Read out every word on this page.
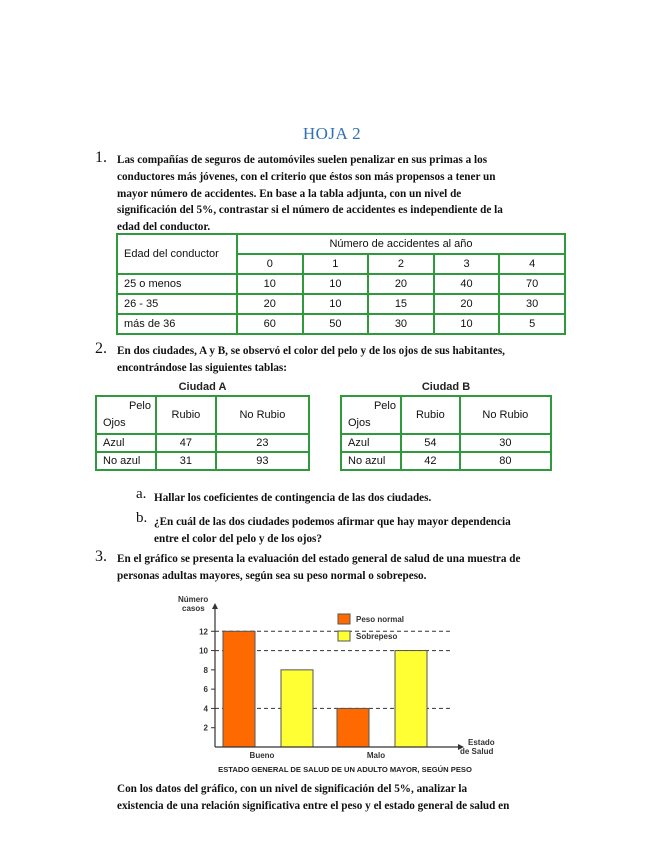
HOJA 2
1. Las compañías de seguros de automóviles suelen penalizar en sus primas a los
conductores más jóvenes, con el criterio que éstos son más propensos a tener un
mayor número de accidentes. En base a la tabla adjunta, con un nivel de
significación del 5%, contrastar si el número de accidentes es independiente de la
edad del conductor.
Edad del conductor	Número de accidentes al año				
	0	1	2	3	4
25 o menos	10	10	20	40	70
26 - 35	20	10	15	20	30
más de 36	60	50	30	10	5
2. En dos ciudades, A y B, se observó el color del pelo y de los ojos de sus habitantes,
encontrándose las siguientes tablas:
Ciudad A
Pelo
Ojos	Rubio	No Rubio
Azul	47	23
No azul	31	93
Ciudad B
Pelo
Ojos	Rubio	No Rubio
Azul	54	30
No azul	42	80
a. Hallar los coeficientes de contingencia de las dos ciudades.
b. ¿En cuál de las dos ciudades podemos afirmar que hay mayor dependencia
entre el color del pelo y de los ojos?
3. En el gráfico se presenta la evaluación del estado general de salud de una muestra de
personas adultas mayores, según sea su peso normal o sobrepeso.
Número casos
2
4
6
8
10
12
Bueno	Malo
Estado de Salud
Peso normal
Sobrepeso
ESTADO GENERAL DE SALUD DE UN ADULTO MAYOR, SEGÚN PESO
Con los datos del gráfico, con un nivel de significación del 5%, analizar la
existencia de una relación significativa entre el peso y el estado general de salud en
